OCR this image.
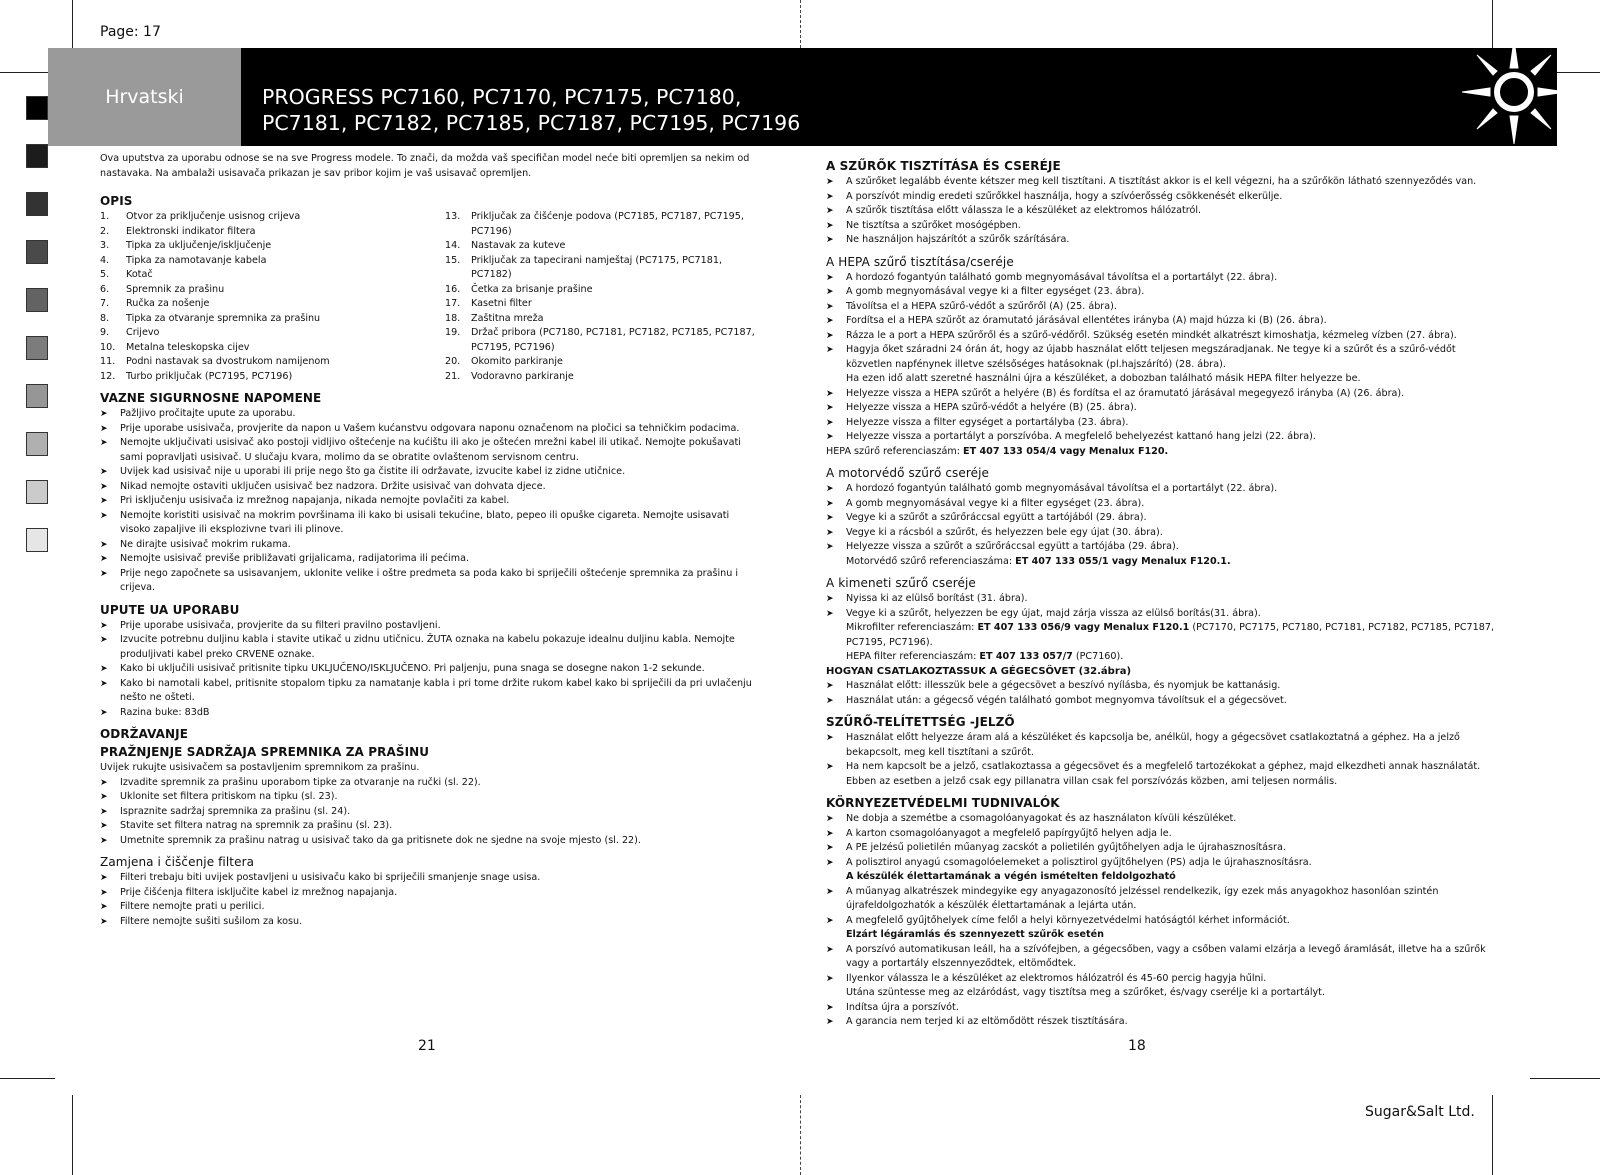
Page: 17
Hrvatski	PROGRESS PC7160, PC7170, PC7175, PC7180,
PC7181, PC7182, PC7185, PC7187, PC7195, PC7196

Ova uputstva za uporabu odnose se na sve Progress modele. To znači, da možda vaš specifičan model neće biti opremljen sa nekim od nastavaka. Na ambalaži usisavača prikazan je sav pribor kojim je vaš usisavač opremljen.

OPIS
1.	Otvor za priključenje usisnog crijeva
2.	Elektronski indikator filtera
3.	Tipka za uključenje/isključenje
4.	Tipka za namotavanje kabela
5.	Kotač
6.	Spremnik za prašinu
7.	Ručka za nošenje
8.	Tipka za otvaranje spremnika za prašinu
9.	Crijevo
10.	Metalna teleskopska cijev
11.	Podni nastavak sa dvostrukom namijenom
12.	Turbo priključak (PC7195, PC7196)
13.	Priključak za čišćenje podova (PC7185, PC7187, PC7195, PC7196)
14.	Nastavak za kuteve
15.	Priključak za tapecirani namještaj (PC7175, PC7181, PC7182)
16.	Četka za brisanje prašine
17.	Kasetni filter
18.	Zaštitna mreža
19.	Držač pribora (PC7180, PC7181, PC7182, PC7185, PC7187, PC7195, PC7196)
20.	Okomito parkiranje
21.	Vodoravno parkiranje
VAZNE SIGURNOSNE NAPOMENE
➤ Pažljivo pročitajte upute za uporabu.
➤ Prije uporabe usisivača, provjerite da napon u Vašem kućanstvu odgovara naponu označenom na pločici sa tehničkim podacima.
➤ Nemojte uključivati usisivač ako postoji vidljivo oštećenje na kućištu ili ako je oštećen mrežni kabel ili utikač. Nemojte pokušavati sami popravljati usisivač. U slučaju kvara, molimo da se obratite ovlaštenom servisnom centru.
➤ Uvijek kad usisivač nije u uporabi ili prije nego što ga čistite ili održavate, izvucite kabel iz zidne utičnice.
➤ Nikad nemojte ostaviti uključen usisivač bez nadzora. Držite usisivač van dohvata djece.
➤ Pri isključenju usisivača iz mrežnog napajanja, nikada nemojte povlačiti za kabel.
➤ Nemojte koristiti usisivač na mokrim površinama ili kako bi usisali tekućine, blato, pepeo ili opuške cigareta. Nemojte usisavati visoko zapaljive ili eksplozivne tvari ili plinove.
➤ Ne dirajte usisivač mokrim rukama.
➤ Nemojte usisivač previše približavati grijalicama, radijatorima ili pećima.
➤ Prije nego započnete sa usisavanjem, uklonite velike i oštre predmeta sa poda kako bi spriječili oštećenje spremnika za prašinu i crijeva.
UPUTE UA UPORABU
➤ Prije uporabe usisivača, provjerite da su filteri pravilno postavljeni.
➤ Izvucite potrebnu duljinu kabla i stavite utikač u zidnu utičnicu. ŽUTA oznaka na kabelu pokazuje idealnu duljinu kabla. Nemojte produljivati kabel preko CRVENE oznake.
➤ Kako bi uključili usisivač pritisnite tipku UKLJUČENO/ISKLJUČENO. Pri paljenju, puna snaga se dosegne nakon 1-2 sekunde.
➤ Kako bi namotali kabel, pritisnite stopalom tipku za namatanje kabla i pri tome držite rukom kabel kako bi spriječili da pri uvlačenju nešto ne ošteti.
➤ Razina buke: 83dB
ODRŽAVANJE
PRAŽNJENJE SADRŽAJA SPREMNIKA ZA PRAŠINU

Uvijek rukujte usisivačem sa postavljenim spremnikom za prašinu.

➤ Izvadite spremnik za prašinu uporabom tipke za otvaranje na ručki (sl. 22).
➤ Uklonite set filtera pritiskom na tipku (sl. 23).
➤ Ispraznite sadržaj spremnika za prašinu (sl. 24).
➤ Stavite set filtera natrag na spremnik za prašinu (sl. 23).
➤ Umetnite spremnik za prašinu natrag u usisivač tako da ga pritisnete dok ne sjedne na svoje mjesto (sl. 22).
Zamjena i čiščenje filtera
➤ Filteri trebaju biti uvijek postavljeni u usisivaču kako bi spriječili smanjenje snage usisa.
➤ Prije čišćenja filtera isključite kabel iz mrežnog napajanja.
➤ Filtere nemojte prati u perilici.
➤ Filtere nemojte sušiti sušilom za kosu.
A SZŰRŐK TISZTÍTÁSA ÉS CSERÉJE
➤ A szűrőket legalább évente kétszer meg kell tisztítani. A tisztítást akkor is el kell végezni, ha a szűrőkön látható szennyeződés van.
➤ A porszívót mindig eredeti szűrőkkel használja, hogy a szívóerősség csökkenését elkerülje.
➤ A szűrők tisztítása előtt válassza le a készüléket az elektromos hálózatról.
➤ Ne tisztítsa a szűrőket mosógépben.
➤ Ne használjon hajszárítót a szűrők szárítására.
A HEPA szűrő tisztítása/cseréje
➤ A hordozó fogantyún található gomb megnyomásával távolítsa el a portartályt (22. ábra).
➤ A gomb megnyomásával vegye ki a filter egységet (23. ábra).
➤ Távolítsa el a HEPA szűrő-védőt a szűrőről (A) (25. ábra).
➤ Fordítsa el a HEPA szűrőt az óramutató járásával ellentétes irányba (A) majd húzza ki (B) (26. ábra).
➤ Rázza le a port a HEPA szűrőről és a szűrő-védőről. Szükség esetén mindkét alkatrészt kimoshatja, kézmeleg vízben (27. ábra).
➤ Hagyja őket száradni 24 órán át, hogy az újabb használat előtt teljesen megszáradjanak. Ne tegye ki a szűrőt és a szűrő-védőt közvetlen napfénynek illetve szélsőséges hatásoknak (pl.hajszárító) (28. ábra).

Ha ezen idő alatt szeretné használni újra a készüléket, a dobozban található másik HEPA filter helyezze be.

➤ Helyezze vissza a HEPA szűrőt a helyére (B) és fordítsa el az óramutató járásával megegyező irányba (A) (26. ábra).
➤ Helyezze vissza a HEPA szűrő-védőt a helyére (B) (25. ábra).
➤ Helyezze vissza a filter egységet a portartályba (23. ábra).
➤ Helyezze vissza a portartályt a porszívóba. A megfelelő behelyezést kattanó hang jelzi (22. ábra).

HEPA szűrő referenciaszám: ET 407 133 054/4 vagy Menalux F120.

A motorvédő szűrő cseréje
➤ A hordozó fogantyún található gomb megnyomásával távolítsa el a portartályt (22. ábra).
➤ A gomb megnyomásával vegye ki a filter egységet (23. ábra).
➤ Vegye ki a szűrőt a szűrőráccsal együtt a tartójából (29. ábra).
➤ Vegye ki a rácsból a szűrőt, és helyezzen bele egy újat (30. ábra).
➤ Helyezze vissza a szűrőt a szűrőráccsal együtt a tartójába (29. ábra).

Motorvédő szűrő referenciaszáma: ET 407 133 055/1 vagy Menalux F120.1.

A kimeneti szűrő cseréje
➤ Nyissa ki az elülső borítást (31. ábra).
➤ Vegye ki a szűrőt, helyezzen be egy újat, majd zárja vissza az elülső borítás(31. ábra).

Mikrofilter referenciaszám: ET 407 133 056/9 vagy Menalux F120.1 (PC7170, PC7175, PC7180, PC7181, PC7182, PC7185, PC7187, PC7195, PC7196).

HEPA filter referenciaszám: ET 407 133 057/7 (PC7160).

HOGYAN CSATLAKOZTASSUK A GÉGECSÖVET (32.ábra)

➤ Használat előtt: illesszük bele a gégecsövet a beszívó nyílásba, és nyomjuk be kattanásig.
➤ Használat után: a gégecső végén található gombot megnyomva távolítsuk el a gégecsövet.
SZŰRŐ-TELÍTETTSÉG -JELZŐ
➤ Használat előtt helyezze áram alá a készüléket és kapcsolja be, anélkül, hogy a gégecsövet csatlakoztatná a géphez. Ha a jelző bekapcsolt, meg kell tisztítani a szűrőt.
➤ Ha nem kapcsolt be a jelző, csatlakoztassa a gégecsövet és a megfelelő tartozékokat a géphez, majd elkezdheti annak használatát. Ebben az esetben a jelző csak egy pillanatra villan csak fel porszívózás közben, ami teljesen normális.
KÖRNYEZETVÉDELMI TUDNIVALÓK
➤ Ne dobja a szemétbe a csomagolóanyagokat és az használaton kívüli készüléket.
➤ A karton csomagolóanyagot a megfelelő papírgyűjtő helyen adja le.
➤ A PE jelzésű polietilén műanyag zacskót a polietilén gyűjtőhelyen adja le újrahasznosításra.
➤ A polisztirol anyagú csomagolóelemeket a polisztirol gyűjtőhelyen (PS) adja le újrahasznosításra.

A készülék élettartamának a végén ismételten feldolgozható

➤ A műanyag alkatrészek mindegyike egy anyagazonosító jelzéssel rendelkezik, így ezek más anyagokhoz hasonlóan szintén újrafeldolgozhatók a készülék élettartamának a lejárta után.
➤ A megfelelő gyűjtőhelyek címe felől a helyi környezetvédelmi hatóságtól kérhet információt.

Elzárt légáramlás és szennyezett szűrők esetén

➤ A porszívó automatikusan leáll, ha a szívófejben, a gégecsőben, vagy a csőben valami elzárja a levegő áramlását, illetve ha a szűrők vagy a portartály elszennyeződtek, eltömődtek.
➤ Ilyenkor válassza le a készüléket az elektromos hálózatról és 45-60 percig hagyja hűlni.

Utána szüntesse meg az elzáródást, vagy tisztítsa meg a szűrőket, és/vagy cserélje ki a portartályt.

➤ Indítsa újra a porszívót.
➤ A garancia nem terjed ki az eltömődött részek tisztítására.
21	18
Sugar&Salt Ltd.
